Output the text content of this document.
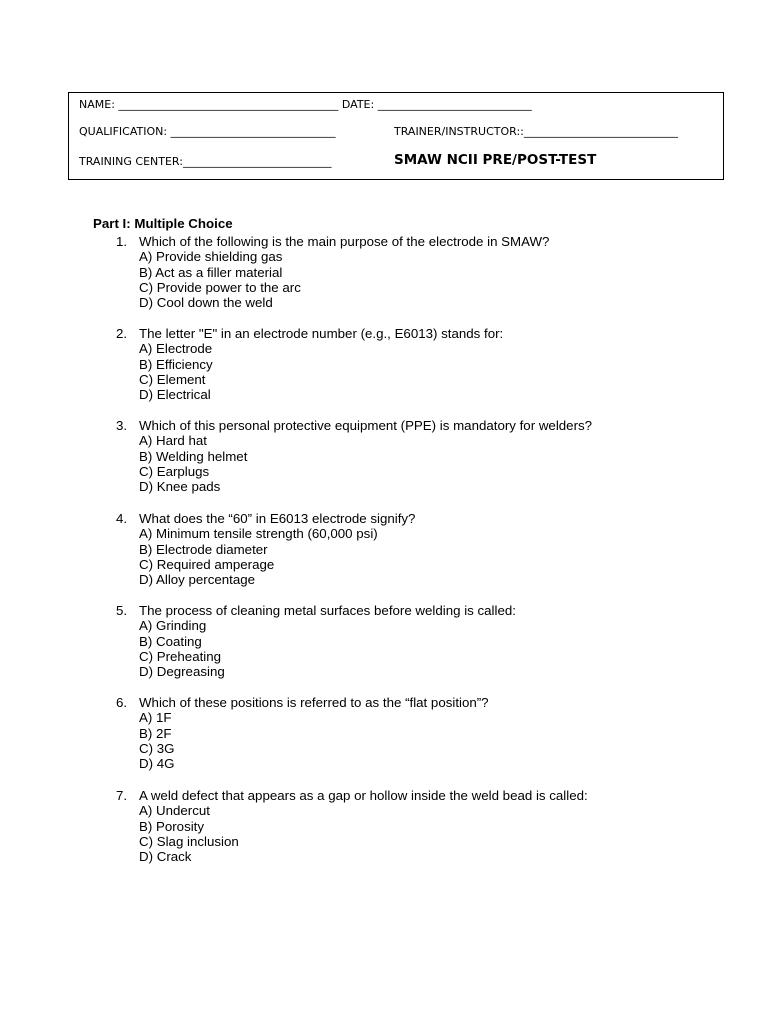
NAME: ________________________________________ DATE: ____________________________
QUALIFICATION: ______________________________	TRAINER/INSTRUCTOR::____________________________
TRAINING CENTER:___________________________	SMAW NCII PRE/POST-TEST
Part I: Multiple Choice
1. Which of the following is the main purpose of the electrode in SMAW?
A) Provide shielding gas
B) Act as a filler material
C) Provide power to the arc
D) Cool down the weld
2. The letter "E" in an electrode number (e.g., E6013) stands for:
A) Electrode
B) Efficiency
C) Element
D) Electrical
3. Which of this personal protective equipment (PPE) is mandatory for welders?
A) Hard hat
B) Welding helmet
C) Earplugs
D) Knee pads
4. What does the “60” in E6013 electrode signify?
A) Minimum tensile strength (60,000 psi)
B) Electrode diameter
C) Required amperage
D) Alloy percentage
5. The process of cleaning metal surfaces before welding is called:
A) Grinding
B) Coating
C) Preheating
D) Degreasing
6. Which of these positions is referred to as the “flat position”?
A) 1F
B) 2F
C) 3G
D) 4G
7. A weld defect that appears as a gap or hollow inside the weld bead is called:
A) Undercut
B) Porosity
C) Slag inclusion
D) Crack
